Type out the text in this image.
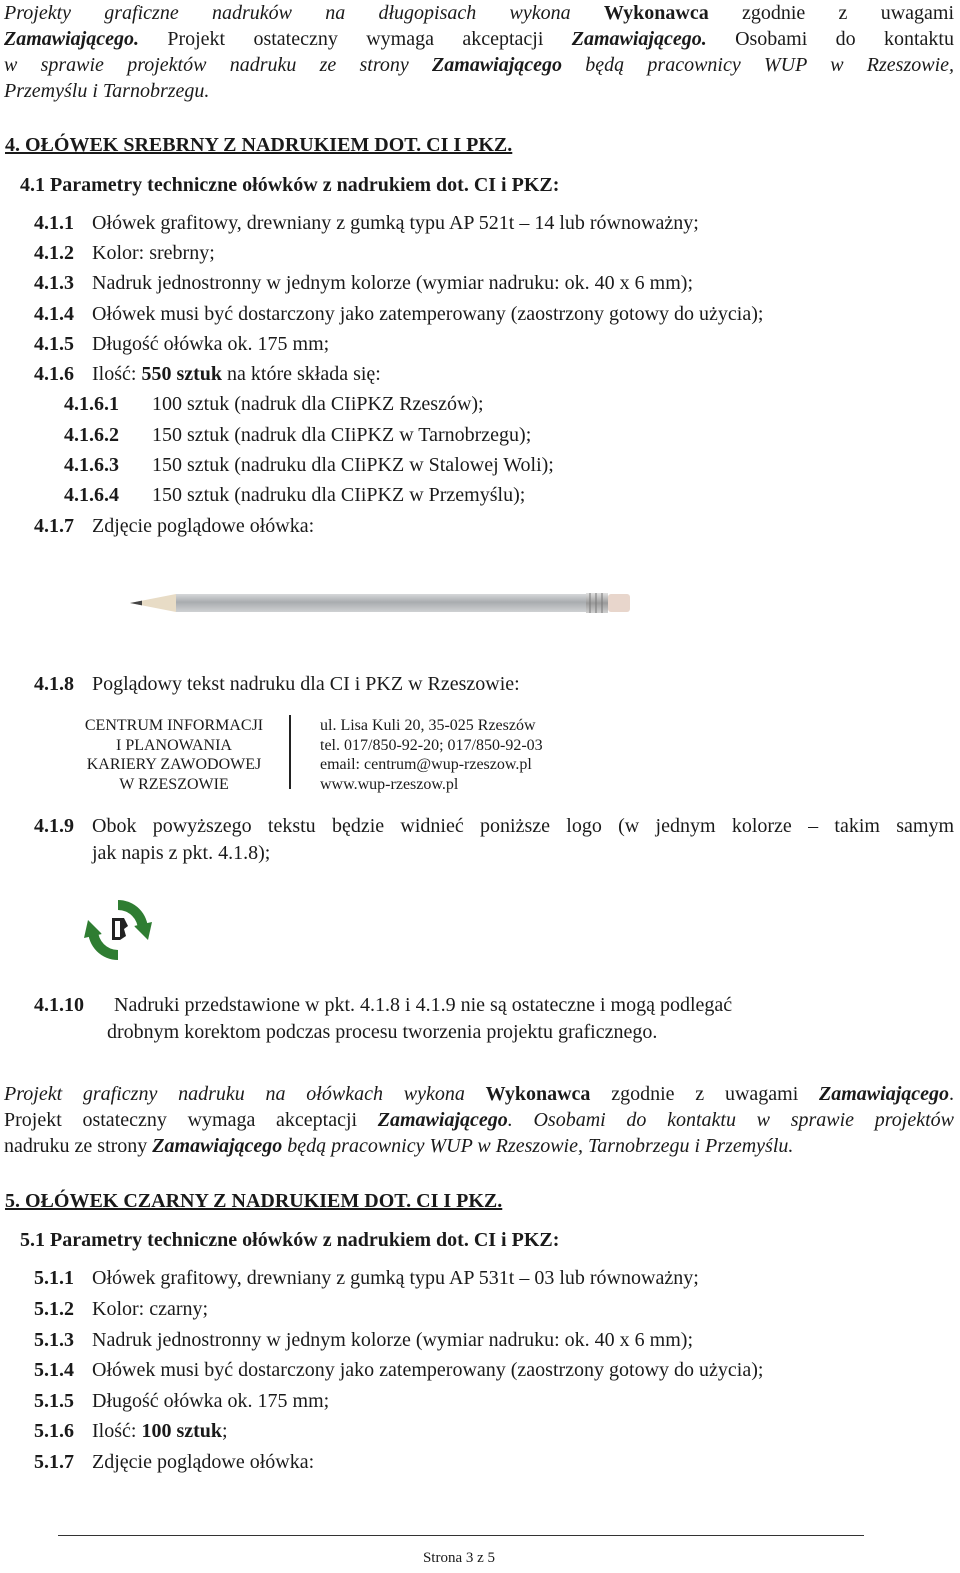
Projekty graficzne nadruków na długopisach wykona Wykonawca zgodnie z uwagami
Zamawiającego. Projekt ostateczny wymaga akceptacji Zamawiającego. Osobami do kontaktu
w sprawie projektów nadruku ze strony Zamawiającego będą pracownicy WUP w Rzeszowie,
Przemyślu i Tarnobrzegu.
4. OŁÓWEK SREBRNY Z NADRUKIEM DOT. CI I PKZ.
4.1 Parametry techniczne ołówków z nadrukiem dot. CI i PKZ:
4.1.1 Ołówek grafitowy, drewniany z gumką typu AP 521t – 14 lub równoważny;
4.1.2 Kolor: srebrny;
4.1.3 Nadruk jednostronny w jednym kolorze (wymiar nadruku: ok. 40 x 6 mm);
4.1.4 Ołówek musi być dostarczony jako zatemperowany (zaostrzony gotowy do użycia);
4.1.5 Długość ołówka ok. 175 mm;
4.1.6 Ilość: 550 sztuk na które składa się:
4.1.6.1 100 sztuk (nadruk dla CIiPKZ Rzeszów);
4.1.6.2 150 sztuk (nadruk dla CIiPKZ w Tarnobrzegu);
4.1.6.3 150 sztuk (nadruku dla CIiPKZ w Stalowej Woli);
4.1.6.4 150 sztuk (nadruku dla CIiPKZ w Przemyślu);
4.1.7 Zdjęcie poglądowe ołówka:
4.1.8 Poglądowy tekst nadruku dla CI i PKZ w Rzeszowie:
CENTRUM INFORMACJI
I PLANOWANIA
KARIERY ZAWODOWEJ
W RZESZOWIE
ul. Lisa Kuli 20, 35-025 Rzeszów
tel. 017/850-92-20; 017/850-92-03
email: centrum@wup-rzeszow.pl
www.wup-rzeszow.pl
4.1.9 Obok powyższego tekstu będzie widnieć poniższe logo (w jednym kolorze – takim samym
jak napis z pkt. 4.1.8);
4.1.10 Nadruki przedstawione w pkt. 4.1.8 i 4.1.9 nie są ostateczne i mogą podlegać
drobnym korektom podczas procesu tworzenia projektu graficznego.
Projekt graficzny nadruku na ołówkach wykona Wykonawca zgodnie z uwagami Zamawiającego.
Projekt ostateczny wymaga akceptacji Zamawiającego. Osobami do kontaktu w sprawie projektów
nadruku ze strony Zamawiającego będą pracownicy WUP w Rzeszowie, Tarnobrzegu i Przemyślu.
5. OŁÓWEK CZARNY Z NADRUKIEM DOT. CI I PKZ.
5.1 Parametry techniczne ołówków z nadrukiem dot. CI i PKZ:
5.1.1 Ołówek grafitowy, drewniany z gumką typu AP 531t – 03 lub równoważny;
5.1.2 Kolor: czarny;
5.1.3 Nadruk jednostronny w jednym kolorze (wymiar nadruku: ok. 40 x 6 mm);
5.1.4 Ołówek musi być dostarczony jako zatemperowany (zaostrzony gotowy do użycia);
5.1.5 Długość ołówka ok. 175 mm;
5.1.6 Ilość: 100 sztuk;
5.1.7 Zdjęcie poglądowe ołówka:
Strona 3 z 5
